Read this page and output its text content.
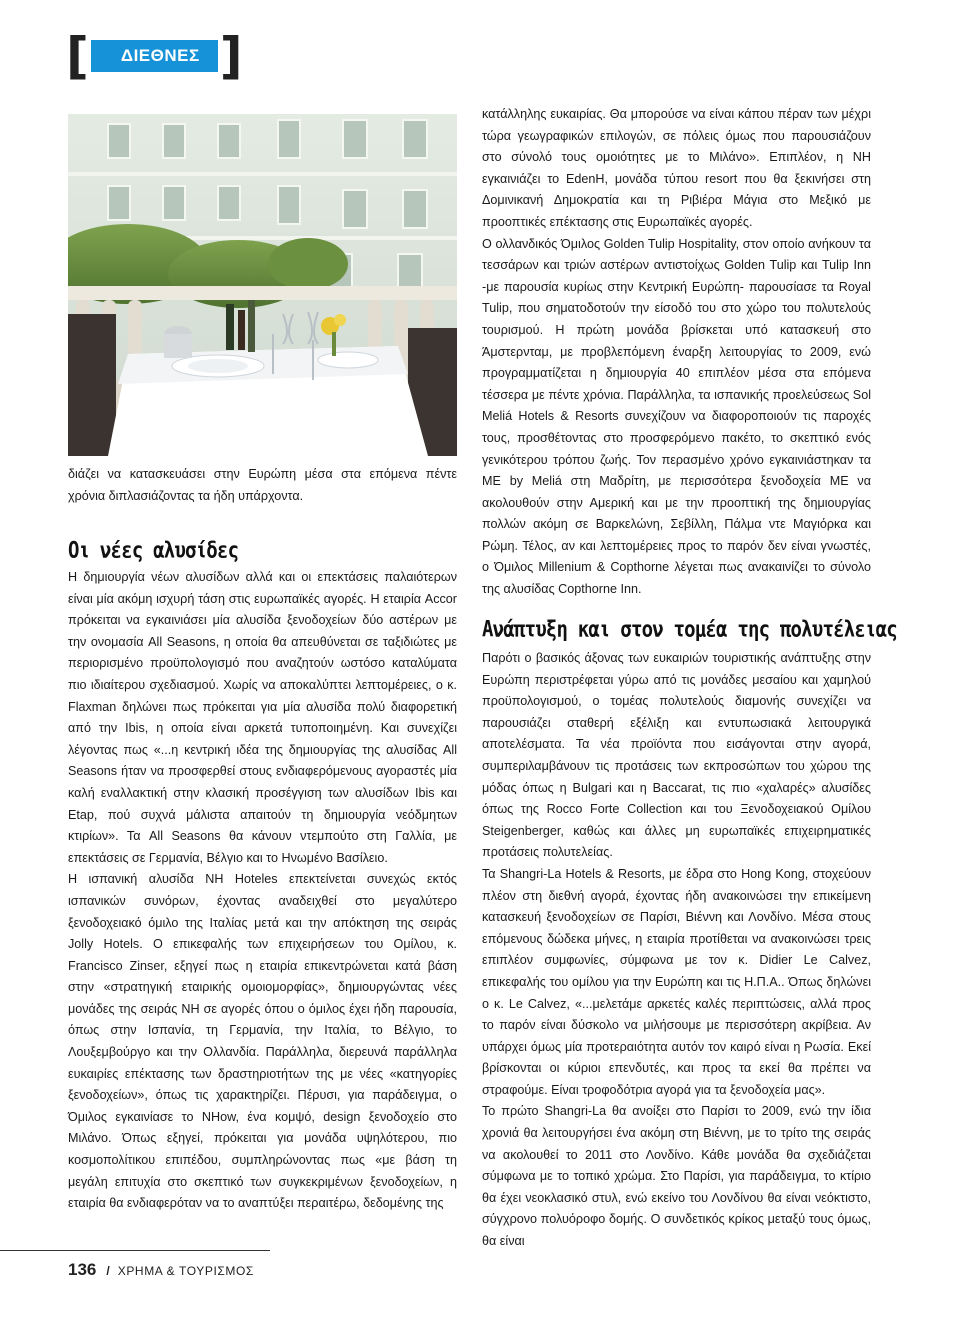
[	ΔΙΕΘΝΕΣ ]

διάζει να κατασκευάσει στην Ευρώπη μέσα στα επόμενα πέντε χρόνια διπλασιάζοντας τα ήδη υπάρχοντα.

Οι νέες αλυσίδες

Η δημιουργία νέων αλυσίδων αλλά και οι επεκτάσεις παλαιότερων είναι μία ακόμη ισχυρή τάση στις ευρωπαϊκές αγορές. Η εταιρία Accor πρόκειται να εγκαινιάσει μία αλυσίδα ξενοδοχείων δύο αστέρων με την ονομασία All Seasons, η οποία θα απευθύνεται σε ταξιδιώτες με περιορισμένο προϋπολογισμό που αναζητούν ωστόσο καταλύματα πιο ιδιαίτερου σχεδιασμού. Χωρίς να αποκαλύπτει λεπτομέρειες, ο κ. Flaxman δηλώνει πως πρόκειται για μία αλυσίδα πολύ διαφορετική από την Ibis, η οποία είναι αρκετά τυποποιημένη. Και συνεχίζει λέγοντας πως «...η κεντρική ιδέα της δημιουργίας της αλυσίδας All Seasons ήταν να προσφερθεί στους ενδιαφερόμενους αγοραστές μία καλή εναλλακτική στην κλασική προσέγγιση των αλυσίδων Ibis και Etap, πού συχνά μάλιστα απαιτούν τη δημιουργία νεόδμητων κτιρίων». Τα All Seasons θα κάνουν ντεμπούτο στη Γαλλία, με επεκτάσεις σε Γερμανία, Βέλγιο και το Ηνωμένο Βασίλειο.

Η ισπανική αλυσίδα NH Hoteles επεκτείνεται συνεχώς εκτός ισπανικών συνόρων, έχοντας αναδειχθεί στο μεγαλύτερο ξενοδοχειακό όμιλο της Ιταλίας μετά και την απόκτηση της σειράς Jolly Hotels. Ο επικεφαλής των επιχειρήσεων του Ομίλου, κ. Francisco Zinser, εξηγεί πως η εταιρία επικεντρώνεται κατά βάση στην «στρατηγική εταιρικής ομοιομορφίας», δημιουργώντας νέες μονάδες της σειράς NH σε αγορές όπου ο όμιλος έχει ήδη παρουσία, όπως στην Ισπανία, τη Γερμανία, την Ιταλία, το Βέλγιο, το Λουξεμβούργο και την Ολλανδία. Παράλληλα, διερευνά παράλληλα ευκαιρίες επέκτασης των δραστηριοτήτων της με νέες «κατηγορίες ξενοδοχείων», όπως τις χαρακτηρίζει. Πέρυσι, για παράδειγμα, ο Όμιλος εγκαινίασε το NHow, ένα κομψό, design ξενοδοχείο στο Μιλάνο. Όπως εξηγεί, πρόκειται για μονάδα υψηλότερου, πιο κοσμοπολίτικου επιπέδου, συμπληρώνοντας πως «με βάση τη μεγάλη επιτυχία στο σκεπτικό των συγκεκριμένων ξενοδοχείων, η εταιρία θα ενδιαφερόταν να το αναπτύξει περαιτέρω, δεδομένης της

κατάλληλης ευκαιρίας. Θα μπορούσε να είναι κάπου πέραν των μέχρι τώρα γεωγραφικών επιλογών, σε πόλεις όμως που παρουσιάζουν στο σύνολό τους ομοιότητες με το Μιλάνο». Επιπλέον, η NH εγκαινιάζει το EdenH, μονάδα τύπου resort που θα ξεκινήσει στη Δομινικανή Δημοκρατία και τη Ριβιέρα Μάγια στο Μεξικό με προοπτικές επέκτασης στις Ευρωπαϊκές αγορές.

Ο ολλανδικός Όμιλος Golden Tulip Hospitality, στον οποίο ανήκουν τα τεσσάρων και τριών αστέρων αντιστοίχως Golden Tulip και Tulip Inn -με παρουσία κυρίως στην Κεντρική Ευρώπη- παρουσίασε τα Royal Tulip, που σηματοδοτούν την είσοδό του στο χώρο του πολυτελούς τουρισμού. Η πρώτη μονάδα βρίσκεται υπό κατασκευή στο Άμστερνταμ, με προβλεπόμενη έναρξη λειτουργίας το 2009, ενώ προγραμματίζεται η δημιουργία 40 επιπλέον μέσα στα επόμενα τέσσερα με πέντε χρόνια. Παράλληλα, τα ισπανικής προελεύσεως Sol Meliá Hotels & Resorts συνεχίζουν να διαφοροποιούν τις παροχές τους, προσθέτοντας στο προσφερόμενο πακέτο, το σκεπτικό ενός γενικότερου τρόπου ζωής. Τον περασμένο χρόνο εγκαινιάστηκαν τα ME by Meliá στη Μαδρίτη, με περισσότερα ξενοδοχεία ME να ακολουθούν στην Αμερική και με την προοπτική της δημιουργίας πολλών ακόμη σε Βαρκελώνη, Σεβίλλη, Πάλμα ντε Μαγιόρκα και Ρώμη. Τέλος, αν και λεπτομέρειες προς το παρόν δεν είναι γνωστές, ο Όμιλος Millenium & Copthorne λέγεται πως ανακαινίζει το σύνολο της αλυσίδας Copthorne Inn.

Ανάπτυξη και στον τομέα της πολυτέλειας

Παρότι ο βασικός άξονας των ευκαιριών τουριστικής ανάπτυξης στην Ευρώπη περιστρέφεται γύρω από τις μονάδες μεσαίου και χαμηλού προϋπολογισμού, ο τομέας πολυτελούς διαμονής συνεχίζει να παρουσιάζει σταθερή εξέλιξη και εντυπωσιακά λειτουργικά αποτελέσματα. Τα νέα προϊόντα που εισάγονται στην αγορά, συμπεριλαμβάνουν τις προτάσεις των εκπροσώπων του χώρου της μόδας όπως η Bulgari και η Baccarat, τις πιο «χαλαρές» αλυσίδες όπως της Rocco Forte Collection και του Ξενοδοχειακού Ομίλου Steigenberger, καθώς και άλλες μη ευρωπαϊκές επιχειρηματικές προτάσεις πολυτελείας.

Τα Shangri-La Hotels & Resorts, με έδρα στο Hong Kong, στοχεύουν πλέον στη διεθνή αγορά, έχοντας ήδη ανακοινώσει την επικείμενη κατασκευή ξενοδοχείων σε Παρίσι, Βιέννη και Λονδίνο. Μέσα στους επόμενους δώδεκα μήνες, η εταιρία προτίθεται να ανακοινώσει τρεις επιπλέον συμφωνίες, σύμφωνα με τον κ. Didier Le Calvez, επικεφαλής του ομίλου για την Ευρώπη και τις Η.Π.Α.. Όπως δηλώνει ο κ. Le Calvez, «...μελετάμε αρκετές καλές περιπτώσεις, αλλά προς το παρόν είναι δύσκολο να μιλήσουμε με περισσότερη ακρίβεια. Αν υπάρχει όμως μία προτεραιότητα αυτόν τον καιρό είναι η Ρωσία. Εκεί βρίσκονται οι κύριοι επενδυτές, και προς τα εκεί θα πρέπει να στραφούμε. Είναι τροφοδότρια αγορά για τα ξενοδοχεία μας».

Το πρώτο Shangri-La θα ανοίξει στο Παρίσι το 2009, ενώ την ίδια χρονιά θα λειτουργήσει ένα ακόμη στη Βιέννη, με το τρίτο της σειράς να ακολουθεί το 2011 στο Λονδίνο. Κάθε μονάδα θα σχεδιάζεται σύμφωνα με το τοπικό χρώμα. Στο Παρίσι, για παράδειγμα, το κτίριο θα έχει νεοκλασικό στυλ, ενώ εκείνο του Λονδίνου θα είναι νεόκτιστο, σύγχρονο πολυόροφο δομής. Ο συνδετικός κρίκος μεταξύ τους όμως, θα είναι

136 / ΧΡΗΜΑ & ΤΟΥΡΙΣΜΟΣ
